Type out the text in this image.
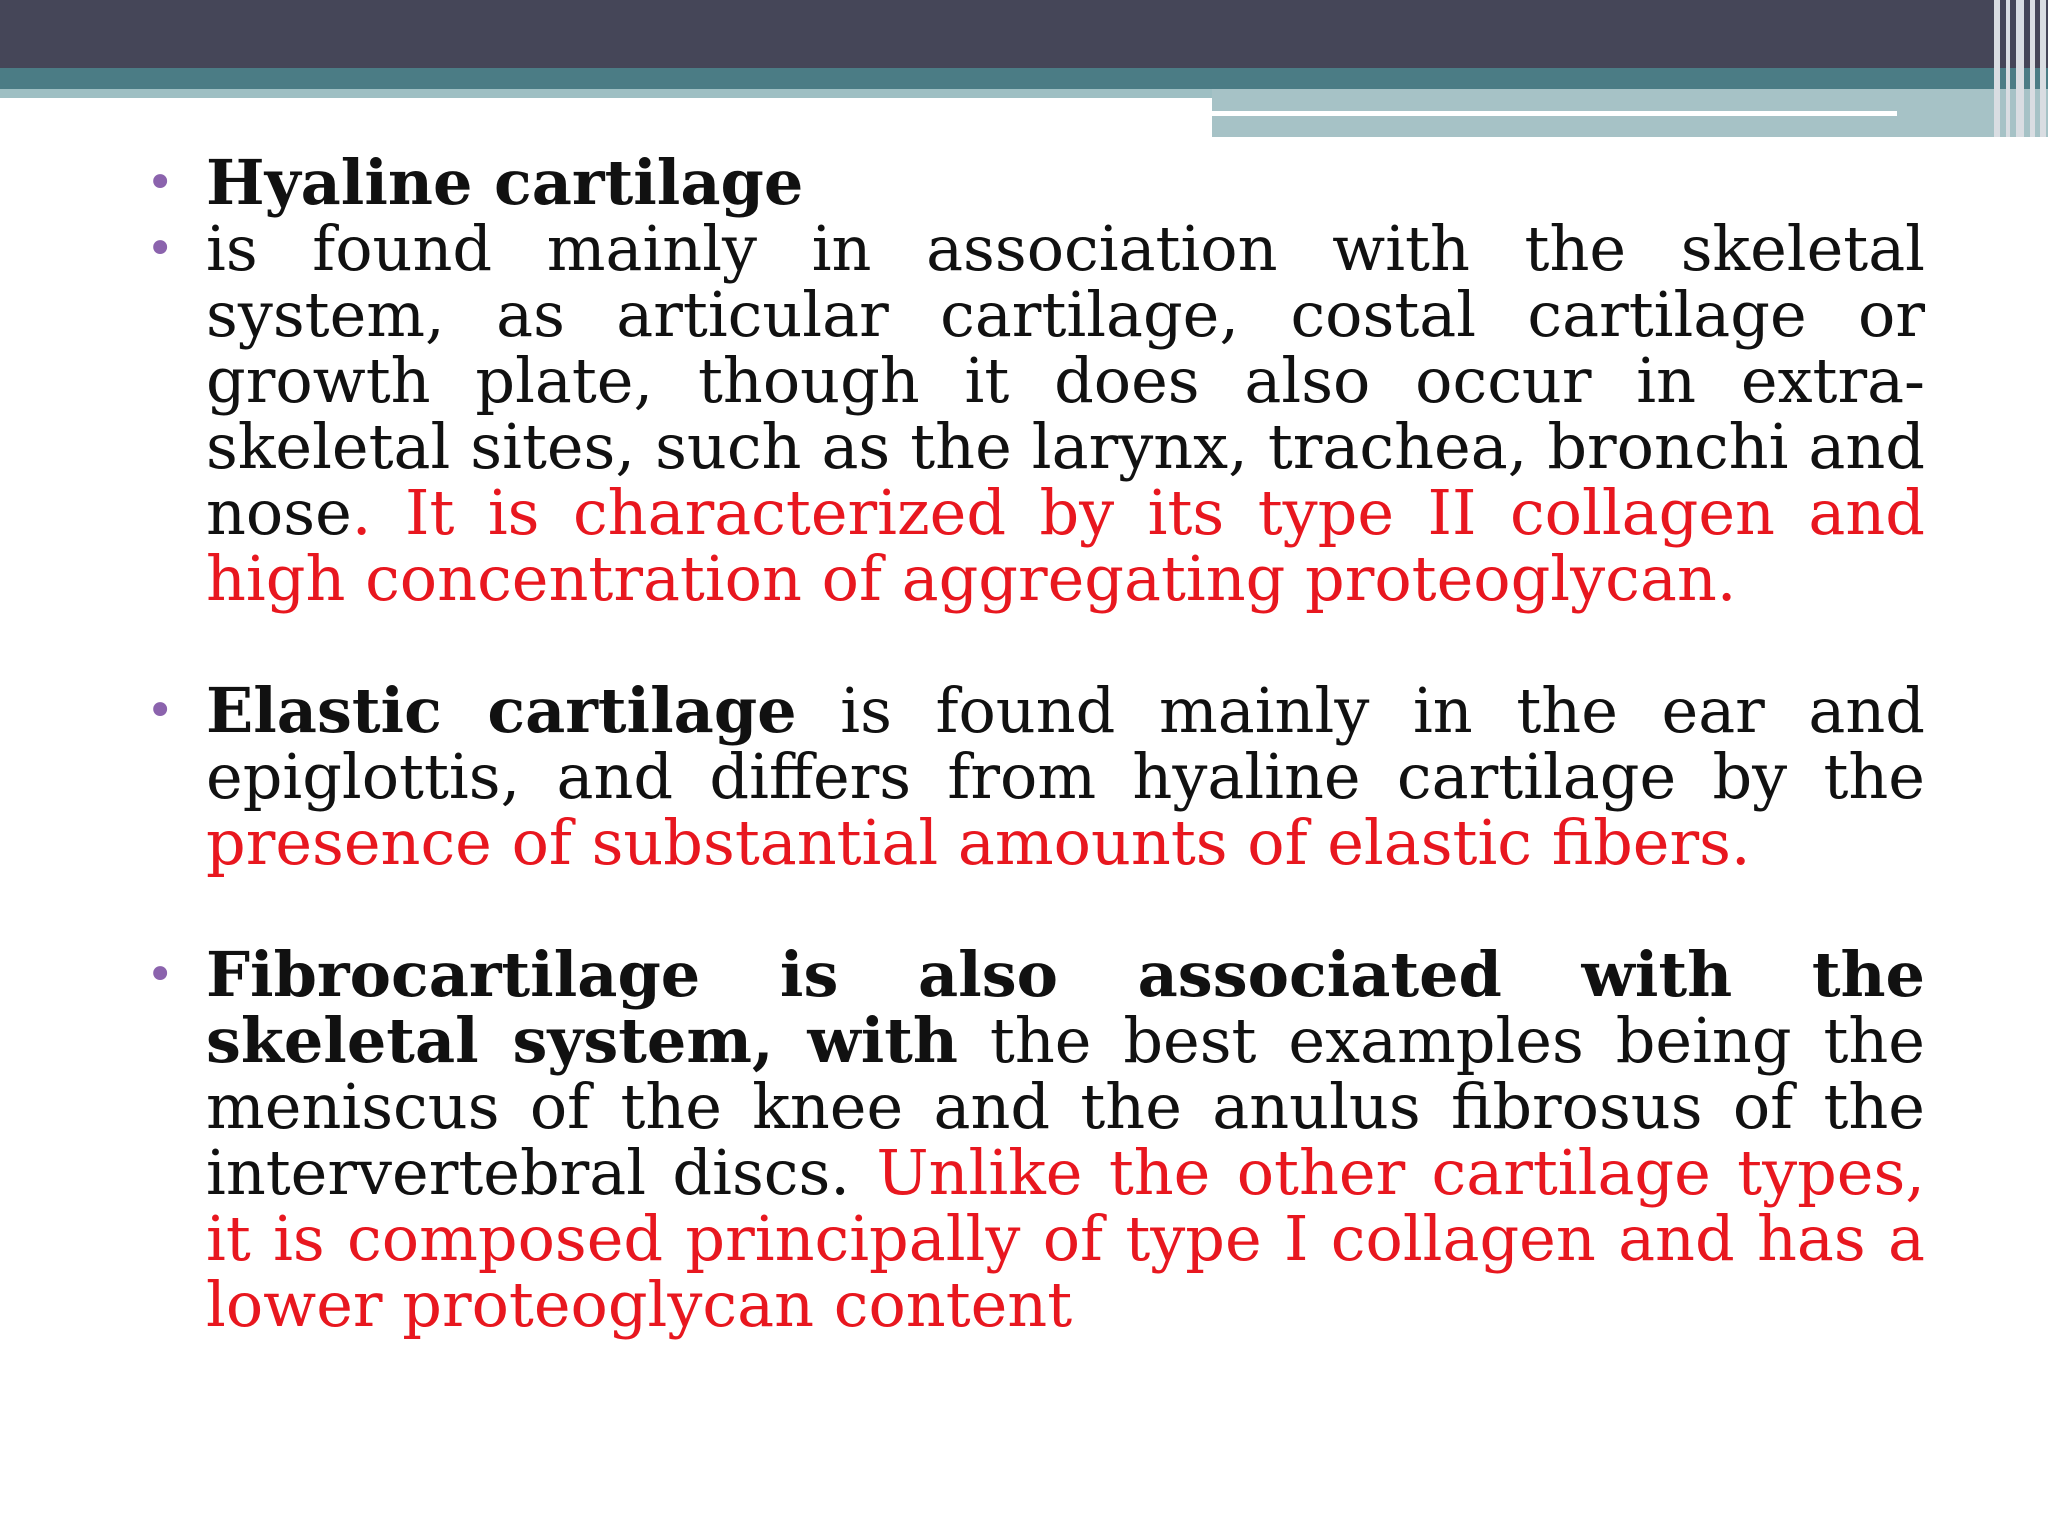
• Hyaline cartilage
• is found mainly in association with the skeletal system, as articular cartilage, costal cartilage or growth plate, though it does also occur in extra-skeletal sites, such as the larynx, trachea, bronchi and nose. It is characterized by its type II collagen and high concentration of aggregating proteoglycan.
• Elastic cartilage is found mainly in the ear and epiglottis, and differs from hyaline cartilage by the presence of substantial amounts of elastic fibers.
• Fibrocartilage is also associated with the skeletal system, with the best examples being the meniscus of the knee and the anulus fibrosus of the intervertebral discs. Unlike the other cartilage types, it is composed principally of type I collagen and has a lower proteoglycan content
